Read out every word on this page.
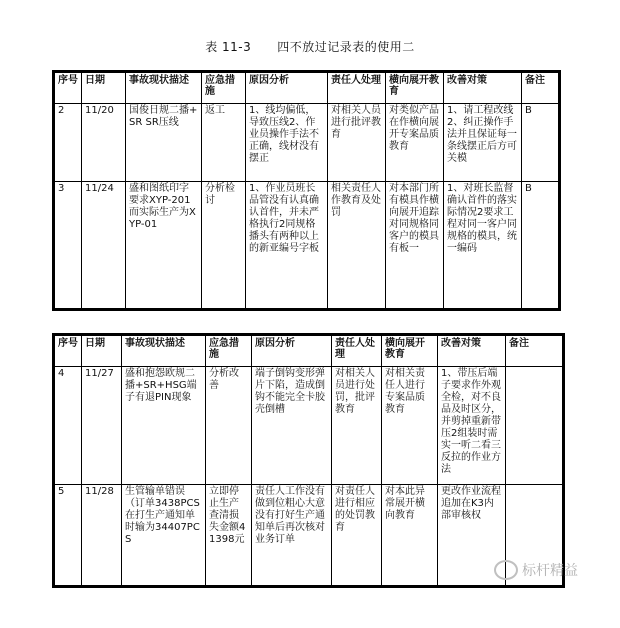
表 11-3 四不放过记录表的使用二
序号	日期	事故现状描述	应急措施	原因分析	责任人处理	横向展开教育	改善对策	备注
2	11/20	国俊日规二播+SR SR压线	返工	1、线均偏低，导致压线2、作业员操作手法不正确，线材没有摆正	对相关人员进行批评教育	对类似产品在作横向展开专案品质教育	1、请工程改线2、纠正操作手法并且保证每一条线摆正后方可关模	B
3	11/24	盛和图纸印字要求XYP-201而实际生产为XYP-01	分析检讨	1、作业员班长品管没有认真确认首件，并未严格执行2同规格播头有两种以上的新亚编号字板	相关责任人作教育及处罚	对本部门所有模具作横向展开追踪对同规格同客户的模具有板一	1、对班长监督确认首件的落实际情况2要求工程对同一客户同规格的模具，统一编码	B
序号	日期	事故现状描述	应急措施	原因分析	责任人处理	横向展开教育	改善对策	备注
4	11/27	盛和抱怨欧规二播+SR+HSG端子有退PIN现象	分析改善	端子倒钩变形弹片下陷，造成倒钩不能完全卡胶壳倒槽	对相关人员进行处罚，批评教育	对相关责任人进行专案品质教育	1、带压后端子要求作外观全检，对不良品及时区分，并剪掉重新带压2组装时需实一听二看三反拉的作业方法	
5	11/28	生管输单错误（订单3438PCS在打生产通知单时输为34407PCS	立即停止生产查清损失金额41398元	责任人工作没有做到位粗心大意没有打好生产通知单后再次核对业务订单	对责任人进行相应的处罚教育	对本此异常展开横向教育	更改作业流程追加在K3内部审核权	
标杆精益
